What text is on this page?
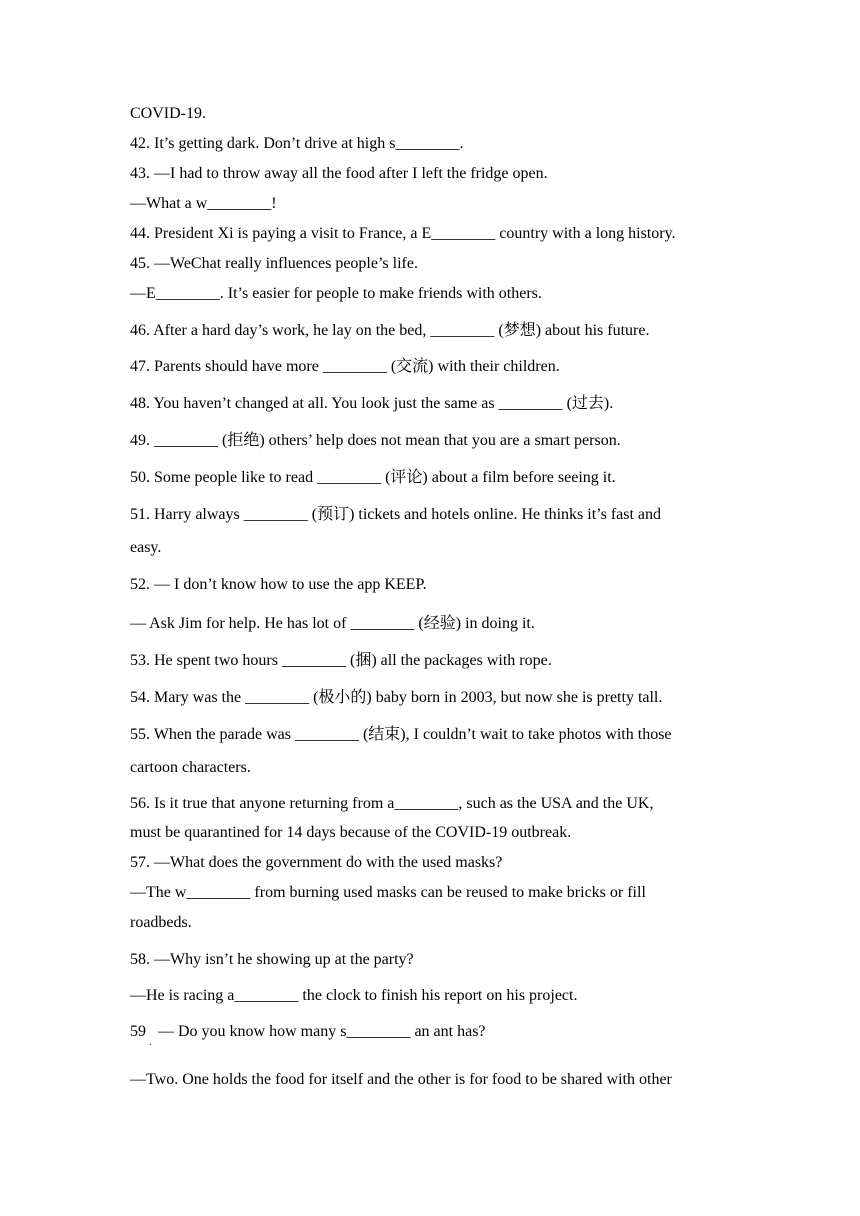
COVID-19.
42. It’s getting dark. Don’t drive at high s________.
43. —I had to throw away all the food after I left the fridge open.
—What a w________!
44. President Xi is paying a visit to France, a E________ country with a long history.
45. —WeChat really influences people’s life.
—E________. It’s easier for people to make friends with others.
46. After a hard day’s work, he lay on the bed, ________ (梦想) about his future.
47. Parents should have more ________ (交流) with their children.
48. You haven’t changed at all. You look just the same as ________ (过去).
49. ________ (拒绝) others’ help does not mean that you are a smart person.
50. Some people like to read ________ (评论) about a film before seeing it.
51. Harry always ________ (预订) tickets and hotels online. He thinks it’s fast and
easy.
52. — I don’t know how to use the app KEEP.
— Ask Jim for help. He has lot of ________ (经验) in doing it.
53. He spent two hours ________ (捆) all the packages with rope.
54. Mary was the ________ (极小的) baby born in 2003, but now she is pretty tall.
55. When the parade was ________ (结束), I couldn’t wait to take photos with those
cartoon characters.
56. Is it true that anyone returning from a________, such as the USA and the UK,
must be quarantined for 14 days because of the COVID-19 outbreak.
57. —What does the government do with the used masks?
—The w________ from burning used masks can be reused to make bricks or fill
roadbeds.
58. —Why isn’t he showing up at the party?
—He is racing a________ the clock to finish his report on his project.
59   — Do you know how many s________ an ant has?
.
—Two. One holds the food for itself and the other is for food to be shared with other
